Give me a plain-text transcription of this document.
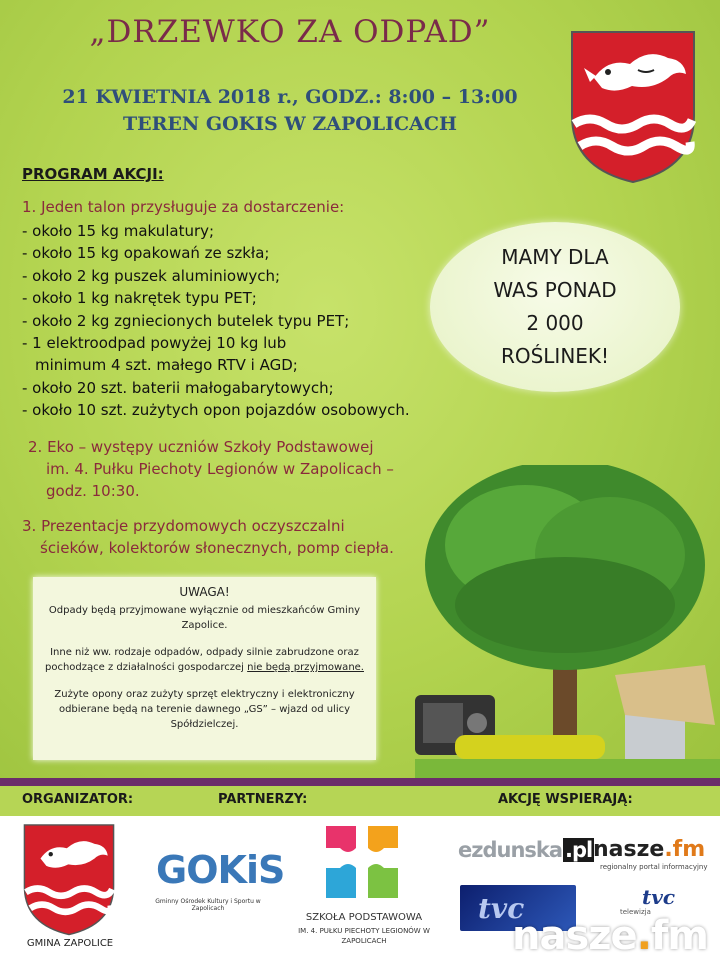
„DRZEWKO ZA ODPAD”
21 KWIETNIA 2018 r., GODZ.: 8:00 – 13:00
TEREN GOKIS W ZAPOLICACH
PROGRAM AKCJI:
1. Jeden talon przysługuje za dostarczenie:
- około 15 kg makulatury;
- około 15 kg opakowań ze szkła;
- około 2 kg puszek aluminiowych;
- około 1 kg nakrętek typu PET;
- około 2 kg zgniecionych butelek typu PET;
- 1 elektroodpad powyżej 10 kg lub
minimum 4 szt. małego RTV i AGD;
- około 20 szt. baterii małogabarytowych;
- około 10 szt. zużytych opon pojazdów osobowych.
2. Eko – występy uczniów Szkoły Podstawowej
im. 4. Pułku Piechoty Legionów w Zapolicach –
godz. 10:30.
3. Prezentacje przydomowych oczyszczalni
ścieków, kolektorów słonecznych, pomp ciepła.
MAMY DLA
WAS PONAD
2 000
ROŚLINEK!
UWAGA!

Odpady będą przyjmowane wyłącznie od mieszkańców Gminy Zapolice.

Inne niż ww. rodzaje odpadów, odpady silnie zabrudzone oraz pochodzące z działalności gospodarczej nie będą przyjmowane.

Zużyte opony oraz zużyty sprzęt elektryczny i elektroniczny odbierane będą na terenie dawnego „GS” – wjazd od ulicy Spółdzielczej.

ORGANIZATOR:	PARTNERZY:	AKCJĘ WSPIERAJĄ:
GMINA ZAPOLICE
GOKiS
Gminny Ośrodek Kultury i Sportu w Zapolicach
SZKOŁA PODSTAWOWA
IM. 4. PUŁKU PIECHOTY LEGIONÓW W ZAPOLICACH
ezdunska .pl nasze.fm
regionalny portal informacyjny
tvc	tvc
telewizja
nasze.fm
